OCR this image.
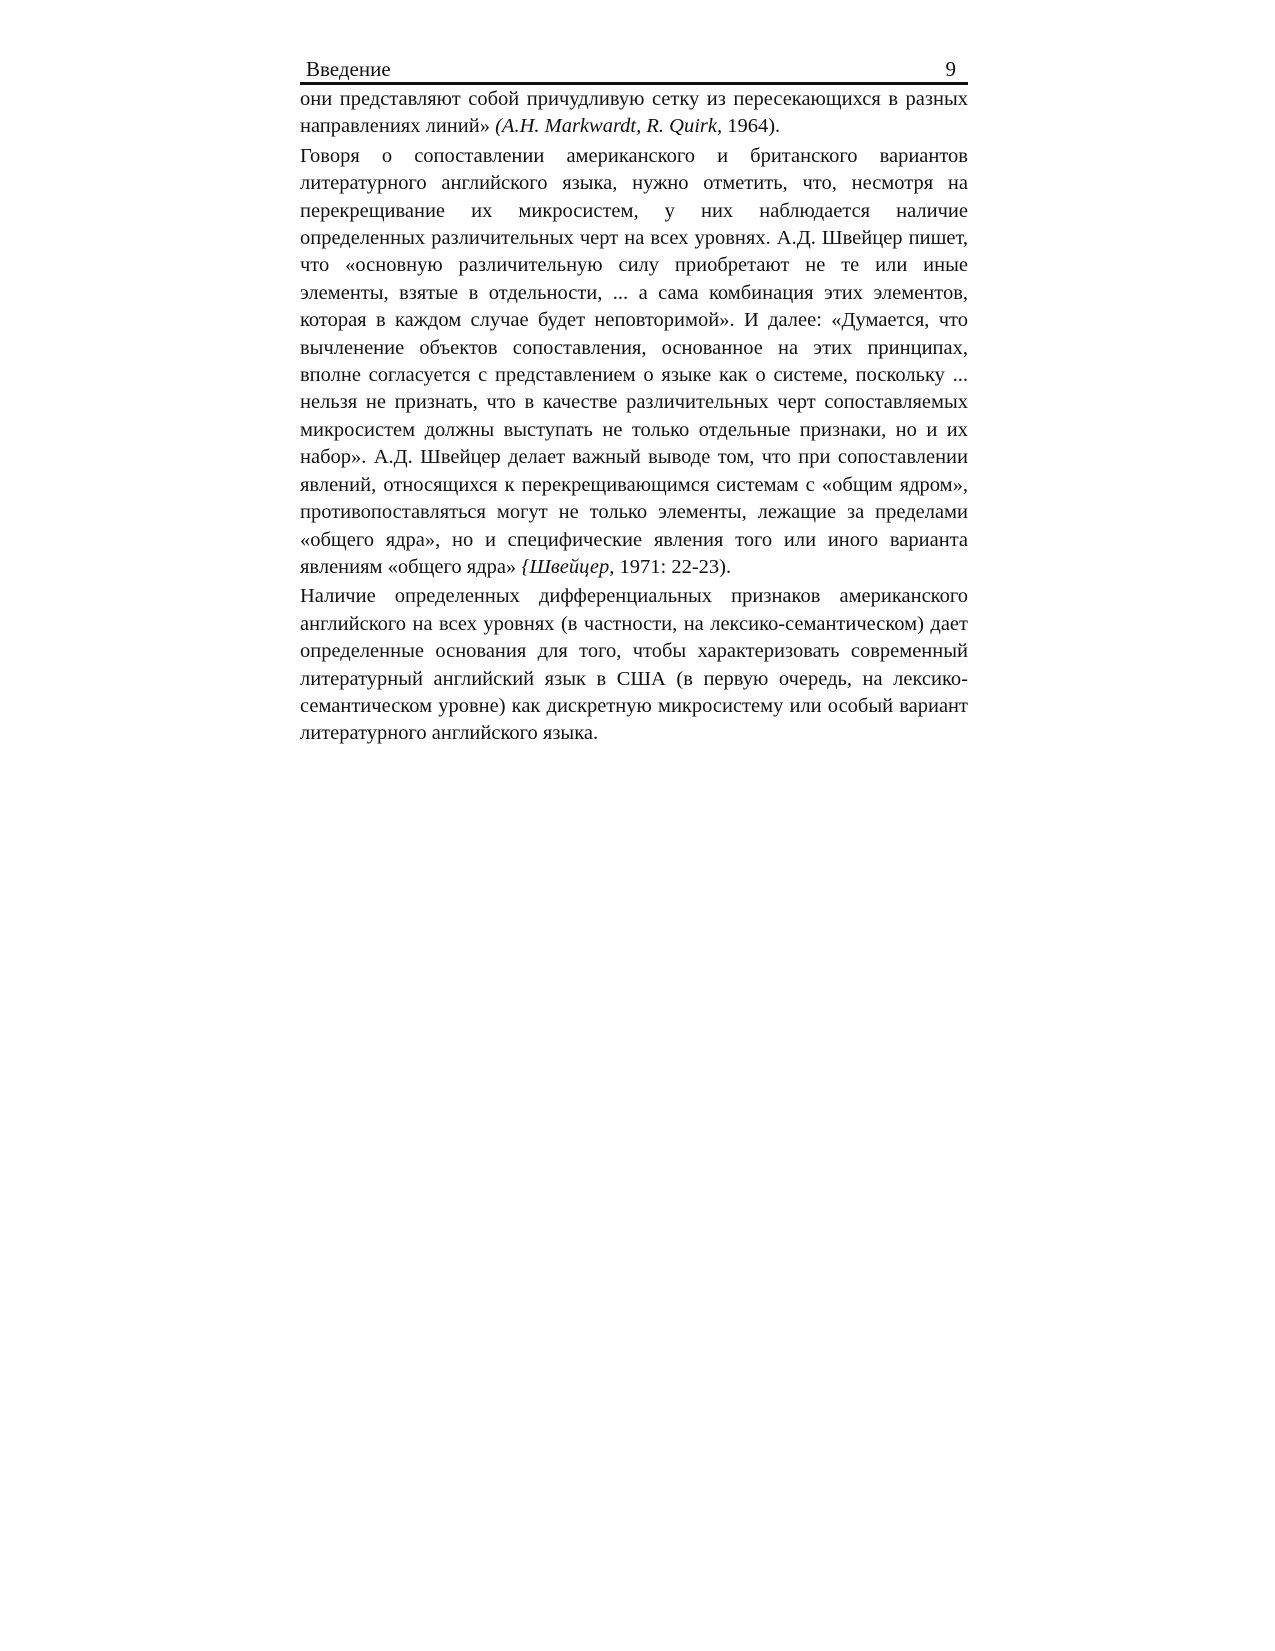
Введение	9

они представляют собой причудливую сетку из пересекающихся в разных направлениях линий» (A.H. Markwardt, R. Quirk, 1964).

Говоря о сопоставлении американского и британского вариантов литературного английского языка, нужно отметить, что, несмотря на перекрещивание их микросистем, у них наблюдается наличие определенных различительных черт на всех уровнях. А.Д. Швейцер пишет, что «основную различительную силу приобретают не те или иные элементы, взятые в отдельности, ... а сама комбинация этих элементов, которая в каждом случае будет неповторимой». И далее: «Думается, что вычленение объектов сопоставления, основанное на этих принципах, вполне согласуется с представлением о языке как о системе, поскольку ... нельзя не признать, что в качестве различительных черт сопоставляемых микросистем должны выступать не только отдельные признаки, но и их набор». А.Д. Швейцер делает важный выводе том, что при сопоставлении явлений, относящихся к перекрещивающимся системам с «общим ядром», противопоставляться могут не только элементы, лежащие за пределами «общего ядра», но и специфические явления того или иного варианта явлениям «общего ядра» {Швейцер, 1971: 22-23).

Наличие определенных дифференциальных признаков американского английского на всех уровнях (в частности, на лексико-семантическом) дает определенные основания для того, чтобы характеризовать современный литературный английский язык в США (в первую очередь, на лексико-семантическом уровне) как дискретную микросистему или особый вариант литературного английского языка.
